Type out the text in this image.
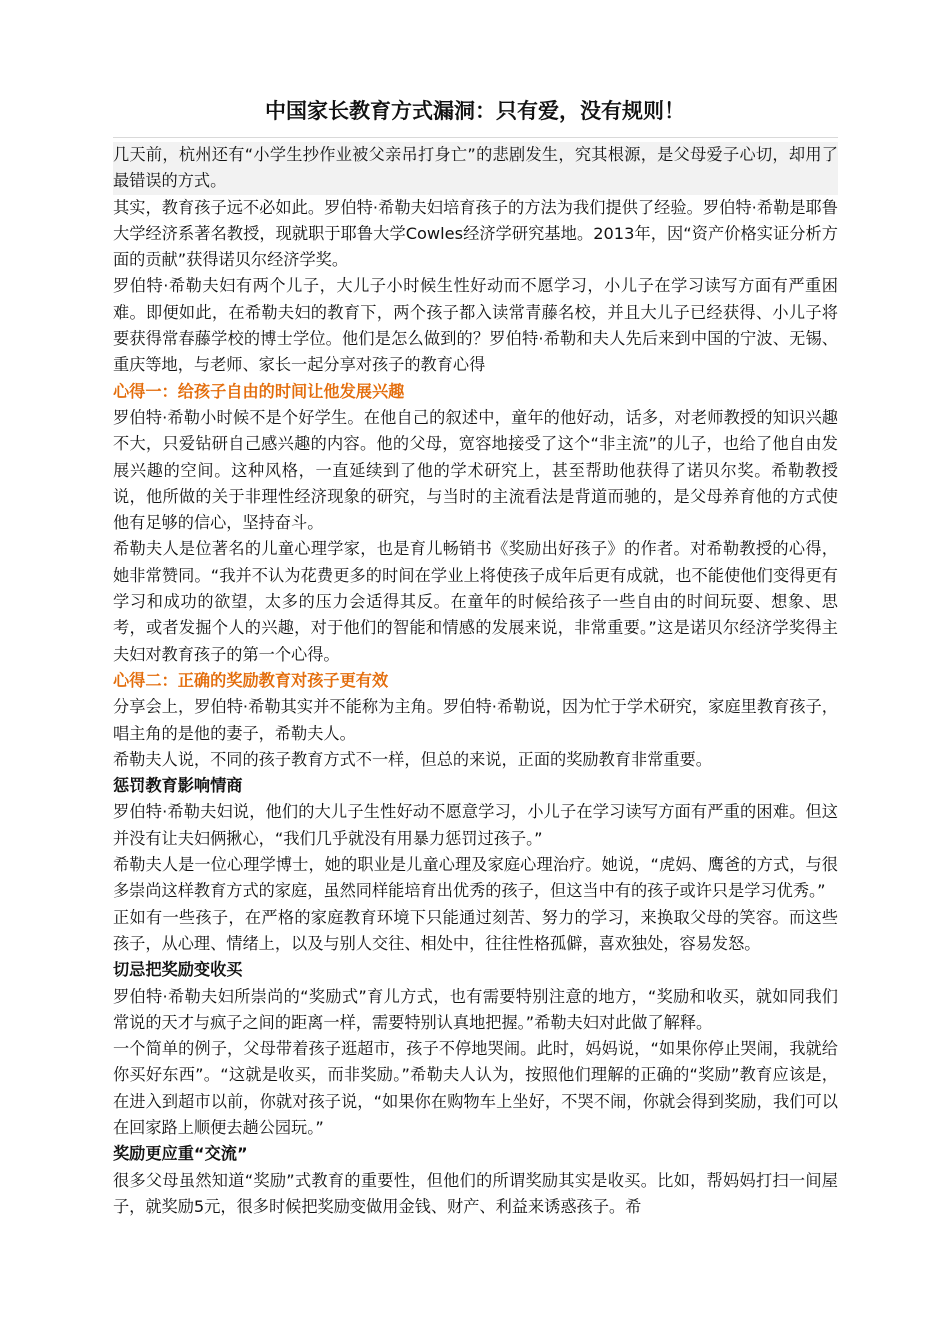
中国家长教育方式漏洞：只有爱，没有规则！

几天前，杭州还有“小学生抄作业被父亲吊打身亡”的悲剧发生，究其根源，是父母爱子心切，却用了最错误的方式。

其实，教育孩子远不必如此。罗伯特·希勒夫妇培育孩子的方法为我们提供了经验。罗伯特·希勒是耶鲁大学经济系著名教授，现就职于耶鲁大学Cowles经济学研究基地。2013年，因“资产价格实证分析方面的贡献”获得诺贝尔经济学奖。

罗伯特·希勒夫妇有两个儿子，大儿子小时候生性好动而不愿学习，小儿子在学习读写方面有严重困难。即便如此，在希勒夫妇的教育下，两个孩子都入读常青藤名校，并且大儿子已经获得、小儿子将要获得常春藤学校的博士学位。他们是怎么做到的？罗伯特·希勒和夫人先后来到中国的宁波、无锡、重庆等地，与老师、家长一起分享对孩子的教育心得

心得一：给孩子自由的时间让他发展兴趣

罗伯特·希勒小时候不是个好学生。在他自己的叙述中，童年的他好动，话多，对老师教授的知识兴趣不大，只爱钻研自己感兴趣的内容。他的父母，宽容地接受了这个“非主流”的儿子，也给了他自由发展兴趣的空间。这种风格，一直延续到了他的学术研究上，甚至帮助他获得了诺贝尔奖。希勒教授说，他所做的关于非理性经济现象的研究，与当时的主流看法是背道而驰的，是父母养育他的方式使他有足够的信心，坚持奋斗。

希勒夫人是位著名的儿童心理学家，也是育儿畅销书《奖励出好孩子》的作者。对希勒教授的心得，她非常赞同。“我并不认为花费更多的时间在学业上将使孩子成年后更有成就，也不能使他们变得更有学习和成功的欲望，太多的压力会适得其反。在童年的时候给孩子一些自由的时间玩耍、想象、思考，或者发掘个人的兴趣，对于他们的智能和情感的发展来说，非常重要。”这是诺贝尔经济学奖得主夫妇对教育孩子的第一个心得。

心得二：正确的奖励教育对孩子更有效

分享会上，罗伯特·希勒其实并不能称为主角。罗伯特·希勒说，因为忙于学术研究，家庭里教育孩子，唱主角的是他的妻子，希勒夫人。

希勒夫人说，不同的孩子教育方式不一样，但总的来说，正面的奖励教育非常重要。

惩罚教育影响情商

罗伯特·希勒夫妇说，他们的大儿子生性好动不愿意学习，小儿子在学习读写方面有严重的困难。但这并没有让夫妇俩揪心，“我们几乎就没有用暴力惩罚过孩子。”

希勒夫人是一位心理学博士，她的职业是儿童心理及家庭心理治疗。她说，“虎妈、鹰爸的方式，与很多崇尚这样教育方式的家庭，虽然同样能培育出优秀的孩子，但这当中有的孩子或许只是学习优秀。”

正如有一些孩子，在严格的家庭教育环境下只能通过刻苦、努力的学习，来换取父母的笑容。而这些孩子，从心理、情绪上，以及与别人交往、相处中，往往性格孤僻，喜欢独处，容易发怒。

切忌把奖励变收买

罗伯特·希勒夫妇所崇尚的“奖励式”育儿方式，也有需要特别注意的地方，“奖励和收买，就如同我们常说的天才与疯子之间的距离一样，需要特别认真地把握。”希勒夫妇对此做了解释。

一个简单的例子，父母带着孩子逛超市，孩子不停地哭闹。此时，妈妈说，“如果你停止哭闹，我就给你买好东西”。“这就是收买，而非奖励。”希勒夫人认为，按照他们理解的正确的“奖励”教育应该是，在进入到超市以前，你就对孩子说，“如果你在购物车上坐好，不哭不闹，你就会得到奖励，我们可以在回家路上顺便去趟公园玩。”

奖励更应重“交流”

很多父母虽然知道“奖励”式教育的重要性，但他们的所谓奖励其实是收买。比如，帮妈妈打扫一间屋子，就奖励5元，很多时候把奖励变做用金钱、财产、利益来诱惑孩子。希
